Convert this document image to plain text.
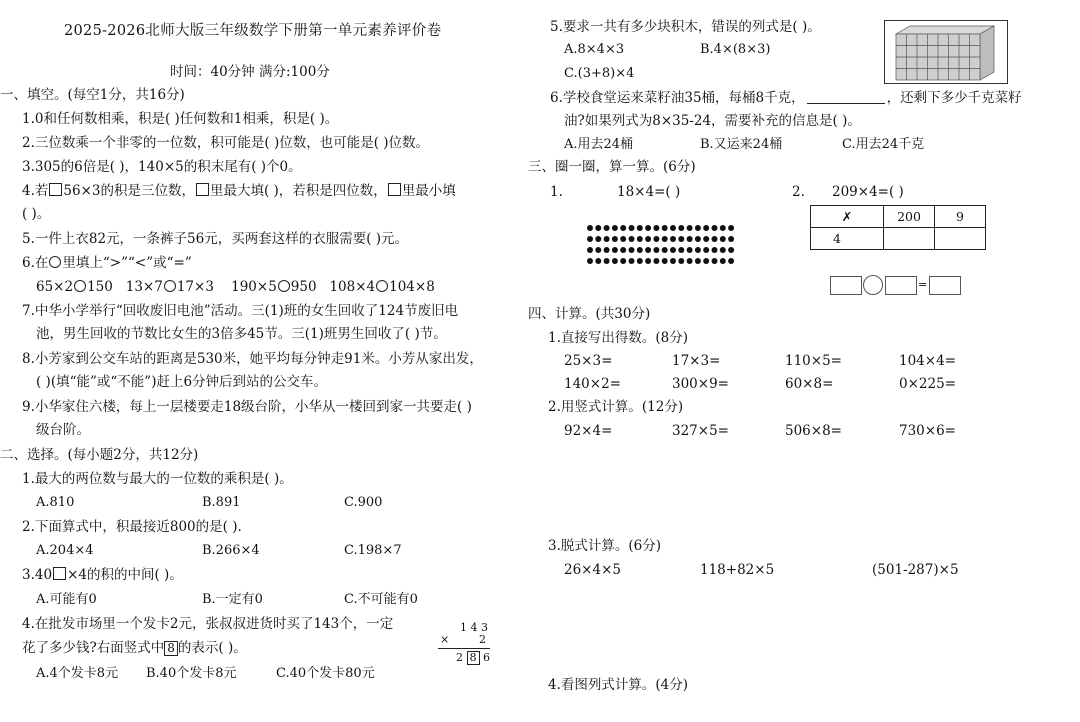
2025-2026北师大版三年级数学下册第一单元素养评价卷
时间：40分钟 满分:100分
一、填空。(每空1分，共16分)
1.0和任何数相乘，积是( )任何数和1相乘，积是( )。
2.三位数乘一个非零的一位数，积可能是( )位数，也可能是( )位数。
3.305的6倍是( )，140×5的积末尾有( )个0。
4.若 56×3的积是三位数， 里最大填( )，若积是四位数， 里最小填
( )。
5.一件上衣82元，一条裤子56元，买两套这样的衣服需要( )元。
6.在 里填上“>”“<”或“=”
65×2 150 13×7 17×3 190×5 950 108×4 104×8
7.中华小学举行“回收废旧电池”活动。三(1)班的女生回收了124节废旧电
池，男生回收的节数比女生的3倍多45节。三(1)班男生回收了( )节。
8.小芳家到公交车站的距离是530米，她平均每分钟走91米。小芳从家出发，
( )(填“能”或“不能”)赶上6分钟后到站的公交车。
9.小华家住六楼，每上一层楼要走18级台阶，小华从一楼回到家一共要走( )
级台阶。
二、选择。(每小题2分，共12分)
1.最大的两位数与最大的一位数的乘积是( )。
A.810	B.891	C.900
2.下面算式中，积最接近800的是( ).
A.204×4	B.266×4	C.198×7
3.40 ×4的积的中间( )。
A.可能有0	B.一定有0	C.不可能有0
4.在批发市场里一个发卡2元，张叔叔进货时买了143个，一定
花了多少钱?右面竖式中 8 的表示( )。
A.4个发卡8元 B.40个发卡8元	C.40个发卡80元
1 4 3
×	2
2 8 6
5.要求一共有多少块积木，错误的列式是( )。
A.8×4×3	B.4×(8×3)
C.(3+8)×4
6.学校食堂运来菜籽油35桶，每桶8千克，	，还剩下多少千克菜籽
油?如果列式为8×35-24，需要补充的信息是( )。
A.用去24桶	B.又运来24桶	C.用去24千克
三、圈一圈，算一算。(6分)
1.	18×4=( )	2. 209×4=( )
✗	200	9
4		
=
四、计算。(共30分)
1.直接写出得数。(8分)
25×3=	17×3=	110×5=	104×4=
140×2=	300×9=	60×8=	0×225=
2.用竖式计算。(12分)
92×4=	327×5=	506×8=	730×6=
3.脱式计算。(6分)
26×4×5	118+82×5	(501-287)×5
4.看图列式计算。(4分)
